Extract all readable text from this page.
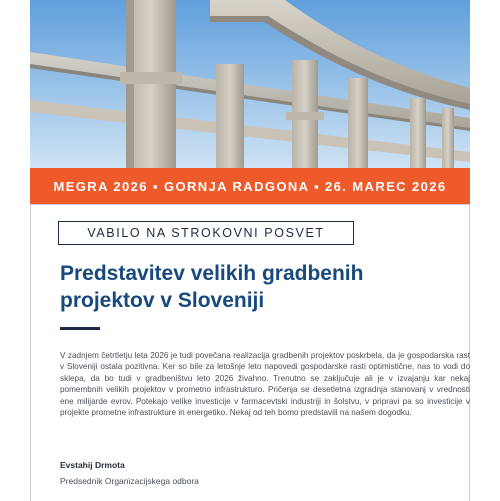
MEGRA 2026 ▪ GORNJA RADGONA ▪ 26. MAREC 2026
VABILO NA STROKOVNI POSVET
Predstavitev velikih gradbenih
projektov v Sloveniji

V zadnjem četrtletju leta 2026 je tudi povečana realizacija gradbenih projektov poskrbela, da je gospodarska rast v Sloveniji ostala pozitivna. Ker so bile za letošnje leto napovedi gospodarske rasti optimistične, nas to vodi do sklepa, da bo tudi v gradbeništvu leto 2026 živahno. Trenutno se zaključuje ali je v izvajanju kar nekaj pomembnih velikih projektov v prometno infrastrukturo. Pričenja se desetletna izgradnja stanovanj v vrednosti ene milijarde evrov. Potekajo velike investicije v farmacevtski industriji in šolstvu, v pripravi pa so investicije v projekte prometne infrastrukture in energetiko. Nekaj od teh bomo predstavili na našem dogodku.

Evstahij Drmota
Predsednik Organizacijskega odbora
